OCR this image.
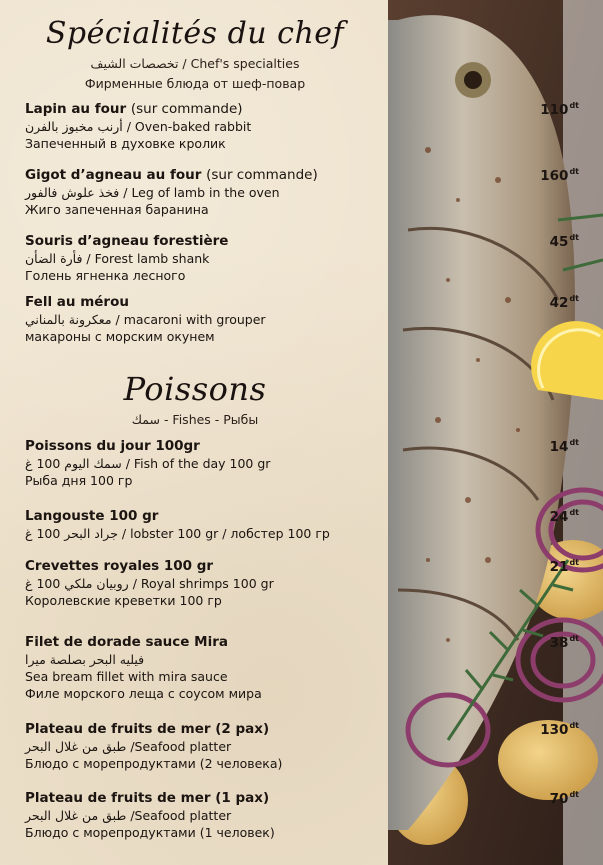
Spécialités du chef
تخصصات الشيف / Chef's specialties
Фирменные блюда от шеф-повар
Lapin au four (sur commande)
أرنب مخبوز بالفرن / Oven-baked rabbit
Запеченный в духовке кролик
$110^{dt}$
Gigot d’agneau au four (sur commande)
فخذ علوش فالفور / Leg of lamb in the oven
Жиго запеченная баранина
$160^{dt}$
Souris d’agneau forestière
فأرة الضأن / Forest lamb shank
Голень ягненка лесного
$45^{dt}$
Fell au mérou
معكرونة بالمناني / macaroni with grouper
макароны с морским окунем
$42^{dt}$
Poissons
سمك - Fishes - Рыбы
Poissons du jour 100gr
سمك اليوم 100 غ / Fish of the day 100 gr
Рыба дня 100 гр
$14^{dt}$
Langouste 100 gr
جراد البحر 100 غ / lobster 100 gr / лобстер 100 гр
$24^{dt}$
Crevettes royales 100 gr
روبيان ملكي 100 غ / Royal shrimps 100 gr
Королевские креветки 100 гр
$21^{dt}$
Filet de dorade sauce Mira
فيليه البحر بصلصة ميرا
Sea bream fillet with mira sauce
Филе морского леща с соусом мира
$38^{dt}$
Plateau de fruits de mer (2 pax)
طبق من غلال البحر /Seafood platter
Блюдо с морепродуктами (2 человека)
$130^{dt}$
Plateau de fruits de mer (1 pax)
طبق من غلال البحر /Seafood platter
Блюдо с морепродуктами (1 человек)
$70^{dt}$
